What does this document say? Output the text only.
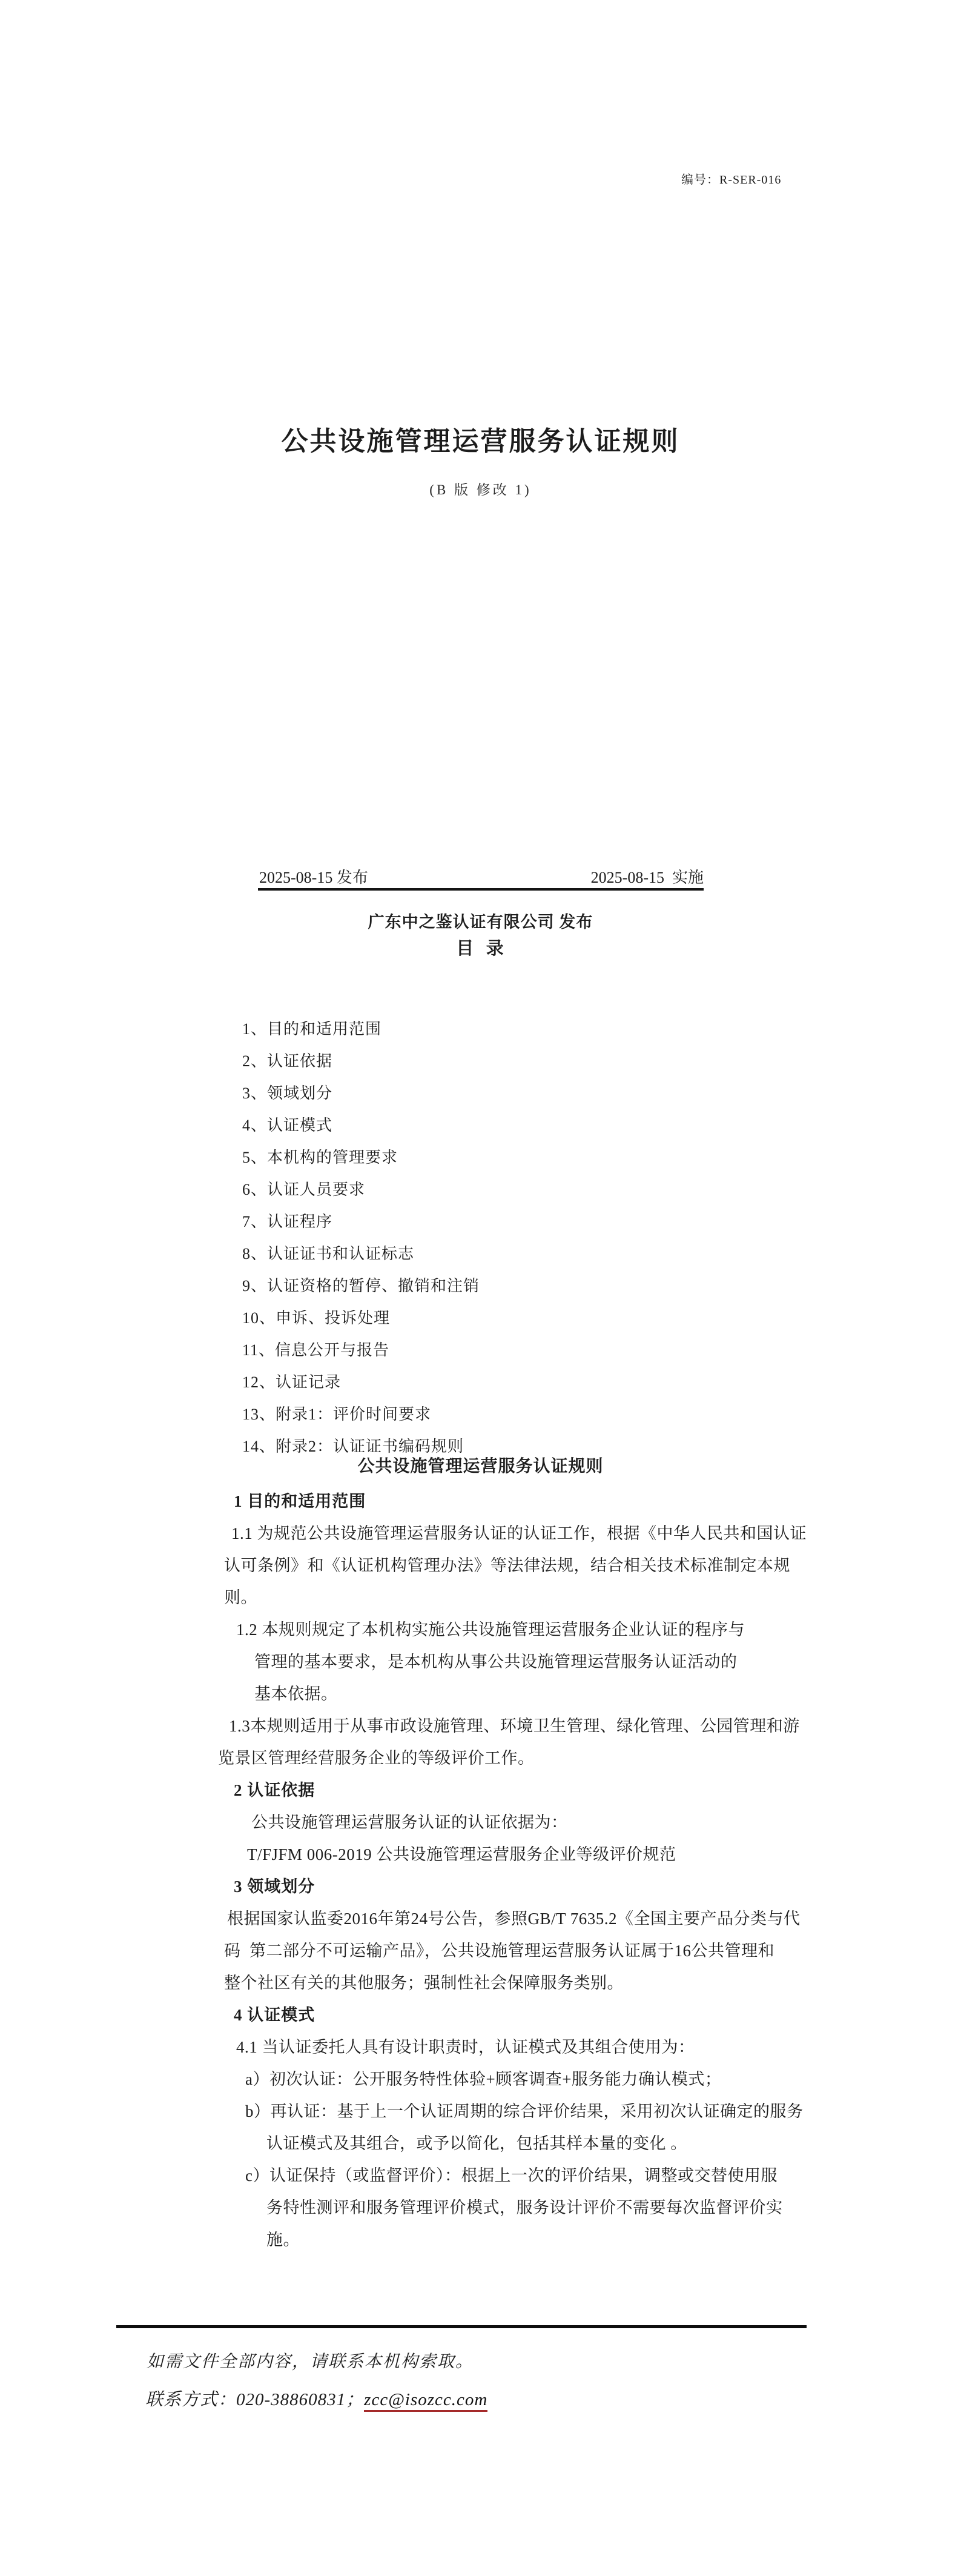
编号：R-SER-016
公共设施管理运营服务认证规则
(B 版 修改 1)
2025-08-15 发布	2025-08-15  实施
广东中之鉴认证有限公司 发布
目  录
1、目的和适用范围
2、认证依据
3、领域划分
4、认证模式
5、本机构的管理要求
6、认证人员要求
7、认证程序
8、认证证书和认证标志
9、认证资格的暂停、撤销和注销
10、申诉、投诉处理
11、信息公开与报告
12、认证记录
13、附录1：评价时间要求
14、附录2：认证证书编码规则
公共设施管理运营服务认证规则
1 目的和适用范围
1.1 为规范公共设施管理运营服务认证的认证工作，根据《中华人民共和国认证
认可条例》和《认证机构管理办法》等法律法规，结合相关技术标准制定本规
则。
1.2 本规则规定了本机构实施公共设施管理运营服务企业认证的程序与
管理的基本要求，是本机构从事公共设施管理运营服务认证活动的
基本依据。
1.3本规则适用于从事市政设施管理、环境卫生管理、绿化管理、公园管理和游
览景区管理经营服务企业的等级评价工作。
2 认证依据
公共设施管理运营服务认证的认证依据为：
T/FJFM 006-2019 公共设施管理运营服务企业等级评价规范
3 领域划分
根据国家认监委2016年第24号公告，参照GB/T 7635.2《全国主要产品分类与代
码  第二部分不可运输产品》，公共设施管理运营服务认证属于16公共管理和
整个社区有关的其他服务；强制性社会保障服务类别。
4 认证模式
4.1 当认证委托人具有设计职责时，认证模式及其组合使用为：
a）初次认证：公开服务特性体验+顾客调查+服务能力确认模式；
b）再认证：基于上一个认证周期的综合评价结果，采用初次认证确定的服务
认证模式及其组合，或予以简化，包括其样本量的变化 。
c）认证保持（或监督评价）：根据上一次的评价结果，调整或交替使用服
务特性测评和服务管理评价模式，服务设计评价不需要每次监督评价实
施。
如需文件全部内容，请联系本机构索取。
联系方式：020-38860831；zcc@isozcc.com
